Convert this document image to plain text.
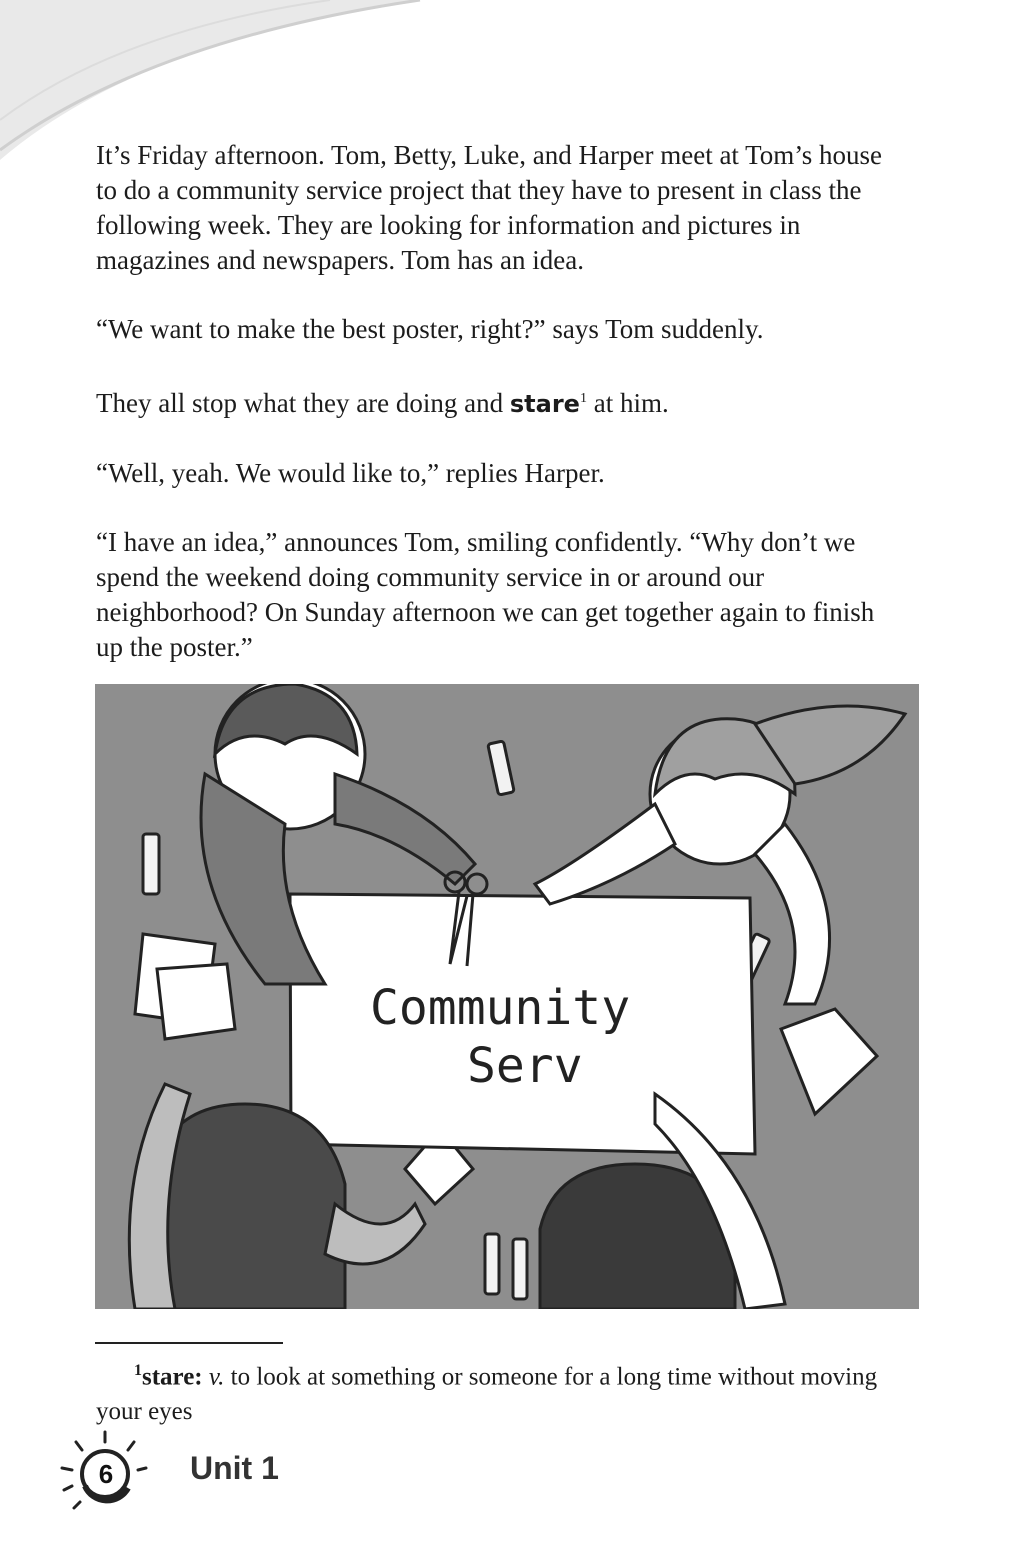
It’s Friday afternoon. Tom, Betty, Luke, and Harper meet at Tom’s house to do a community service project that they have to present in class the following week. They are looking for information and pictures in magazines and newspapers. Tom has an idea.

“We want to make the best poster, right?” says Tom suddenly.

They all stop what they are doing and stare$^1$ at him.

“Well, yeah. We would like to,” replies Harper.

“I have an idea,” announces Tom, smiling confidently. “Why don’t we spend the weekend doing community service in or around our neighborhood? On Sunday afternoon we can get together again to finish up the poster.”

Community
Serv
$^1$stare: v. to look at something or someone for a long time without moving your eyes
6	Unit 1
